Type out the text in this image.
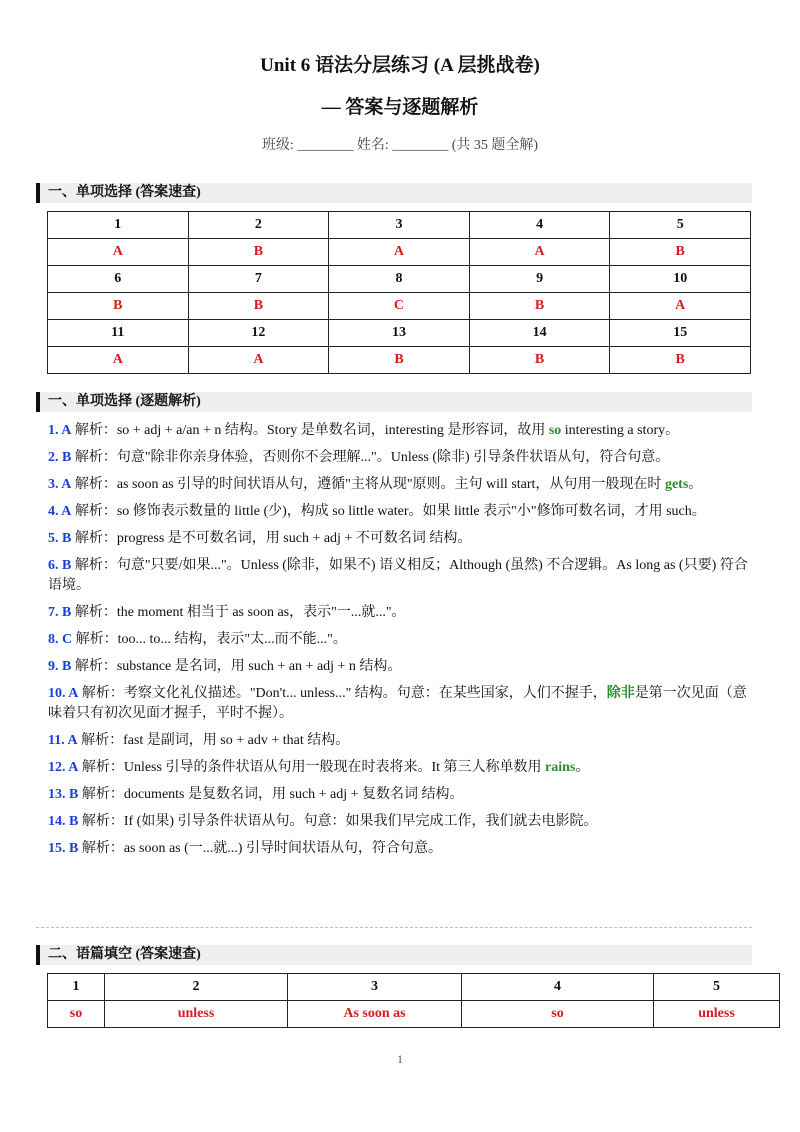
Unit 6 语法分层练习 (A 层挑战卷)
— 答案与逐题解析
班级: ________ 姓名: ________ (共 35 题全解)
一、单项选择 (答案速查)
1	2	3	4	5
A	B	A	A	B
6	7	8	9	10
B	B	C	B	A
11	12	13	14	15
A	A	B	B	B
一、单项选择 (逐题解析)
1. A 解析：so + adj + a/an + n 结构。Story 是单数名词，interesting 是形容词，故用 so interesting a story。
2. B 解析：句意"除非你亲身体验，否则你不会理解..."。Unless (除非) 引导条件状语从句，符合句意。
3. A 解析：as soon as 引导的时间状语从句，遵循"主将从现"原则。主句 will start，从句用一般现在时 gets。
4. A 解析：so 修饰表示数量的 little (少)，构成 so little water。如果 little 表示"小"修饰可数名词，才用 such。
5. B 解析：progress 是不可数名词，用 such + adj + 不可数名词 结构。
6. B 解析：句意"只要/如果..."。Unless (除非，如果不) 语义相反；Although (虽然) 不合逻辑。As long as (只要) 符合语境。
7. B 解析：the moment 相当于 as soon as，表示"一...就..."。
8. C 解析：too... to... 结构，表示"太...而不能..."。
9. B 解析：substance 是名词，用 such + an + adj + n 结构。
10. A 解析：考察文化礼仪描述。"Don't... unless..." 结构。句意：在某些国家，人们不握手，除非是第一次见面（意味着只有初次见面才握手，平时不握）。
11. A 解析：fast 是副词，用 so + adv + that 结构。
12. A 解析：Unless 引导的条件状语从句用一般现在时表将来。It 第三人称单数用 rains。
13. B 解析：documents 是复数名词，用 such + adj + 复数名词 结构。
14. B 解析：If (如果) 引导条件状语从句。句意：如果我们早完成工作，我们就去电影院。
15. B 解析：as soon as (一...就...) 引导时间状语从句，符合句意。
二、语篇填空 (答案速查)
1	2	3	4	5
so	unless	As soon as	so	unless
1
